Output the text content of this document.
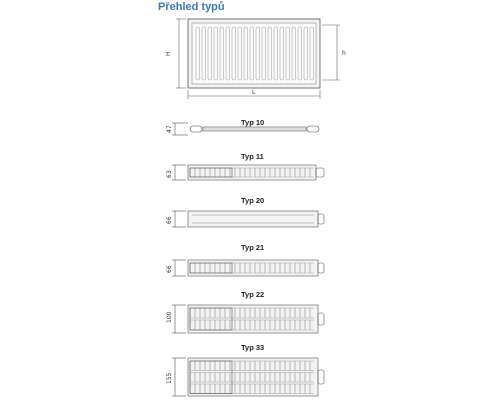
Přehled typů
H	h
L
Typ 10
47
Typ 11
63
Typ 20
66
Typ 21
66
Typ 22
100
Typ 33
155
